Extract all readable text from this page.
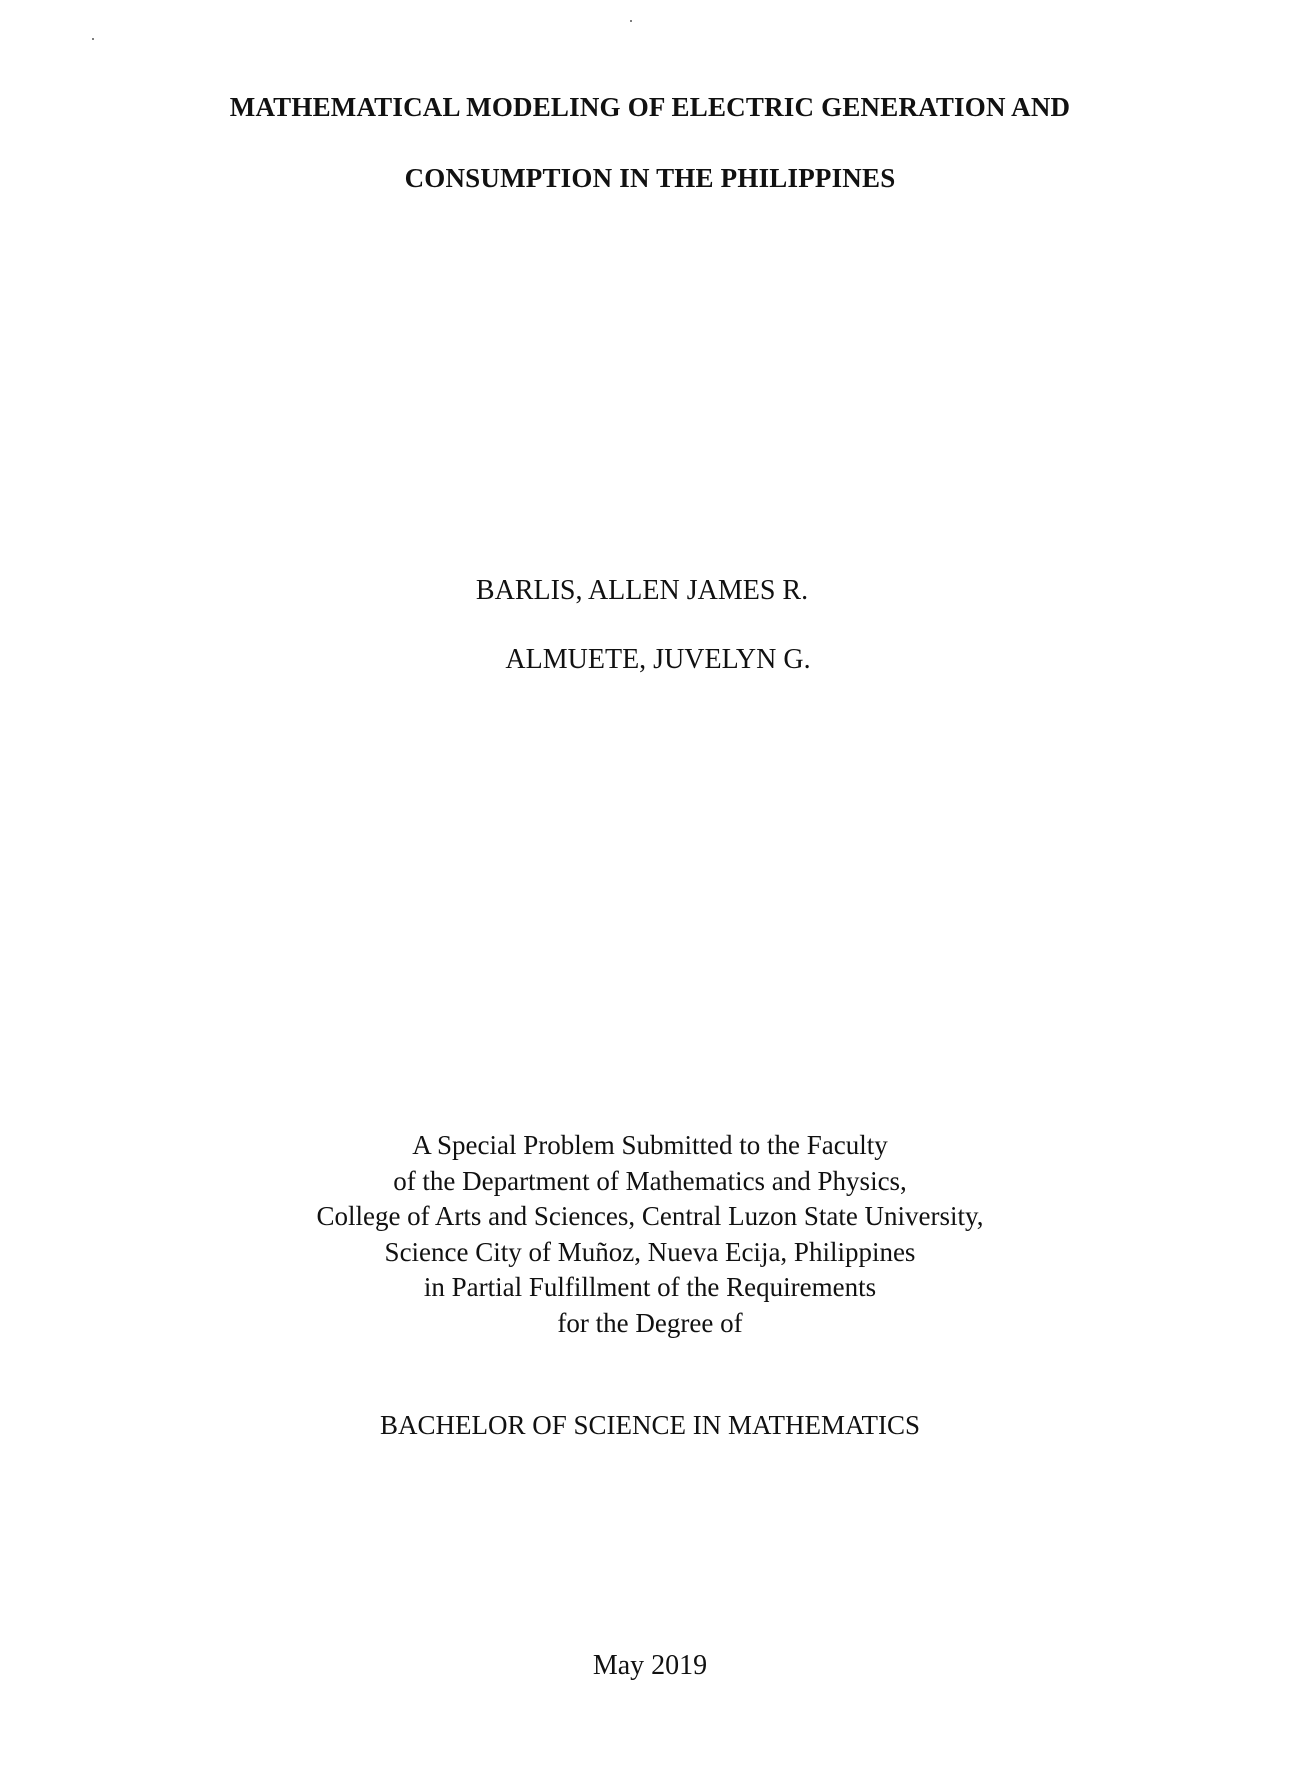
MATHEMATICAL MODELING OF ELECTRIC GENERATION AND
CONSUMPTION IN THE PHILIPPINES

BARLIS, ALLEN JAMES R.

ALMUETE, JUVELYN G.

A Special Problem Submitted to the Faculty
of the Department of Mathematics and Physics,
College of Arts and Sciences, Central Luzon State University,
Science City of Muñoz, Nueva Ecija, Philippines
in Partial Fulfillment of the Requirements
for the Degree of

BACHELOR OF SCIENCE IN MATHEMATICS

May 2019
